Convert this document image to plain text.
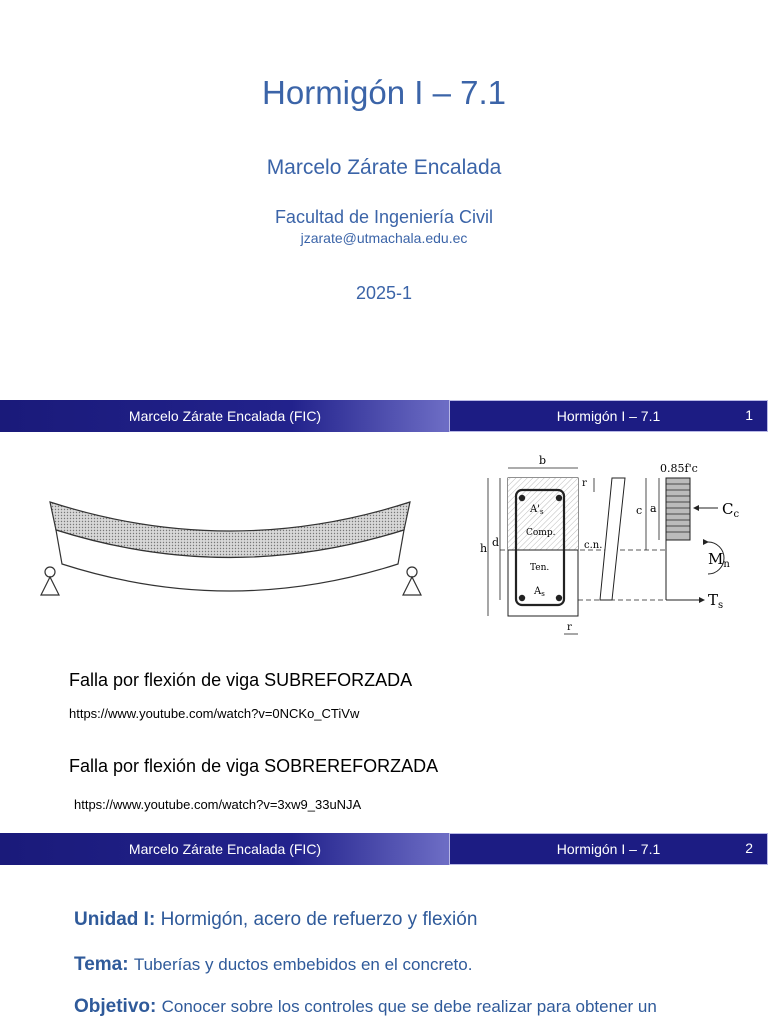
Hormigón I – 7.1
Marcelo Zárate Encalada
Facultad de Ingeniería Civil
jzarate@utmachala.edu.ec
2025-1
Marcelo Zárate Encalada (FIC)	Hormigón I – 7.1	1
b
$A'_s$
Comp.
Ten.
$A_s$
h d
r
r
c.n.
c a
0.85f'c
$C_c$
$M_n$
$T_s$
Falla por flexión de viga SUBREFORZADA
https://www.youtube.com/watch?v=0NCKo_CTiVw
Falla por flexión de viga SOBREREFORZADA
https://www.youtube.com/watch?v=3xw9_33uNJA
Marcelo Zárate Encalada (FIC)	Hormigón I – 7.1	2
Unidad I: Hormigón, acero de refuerzo y flexión
Tema: Tuberías y ductos embebidos en el concreto.
Objetivo: Conocer sobre los controles que se debe realizar para obtener un
